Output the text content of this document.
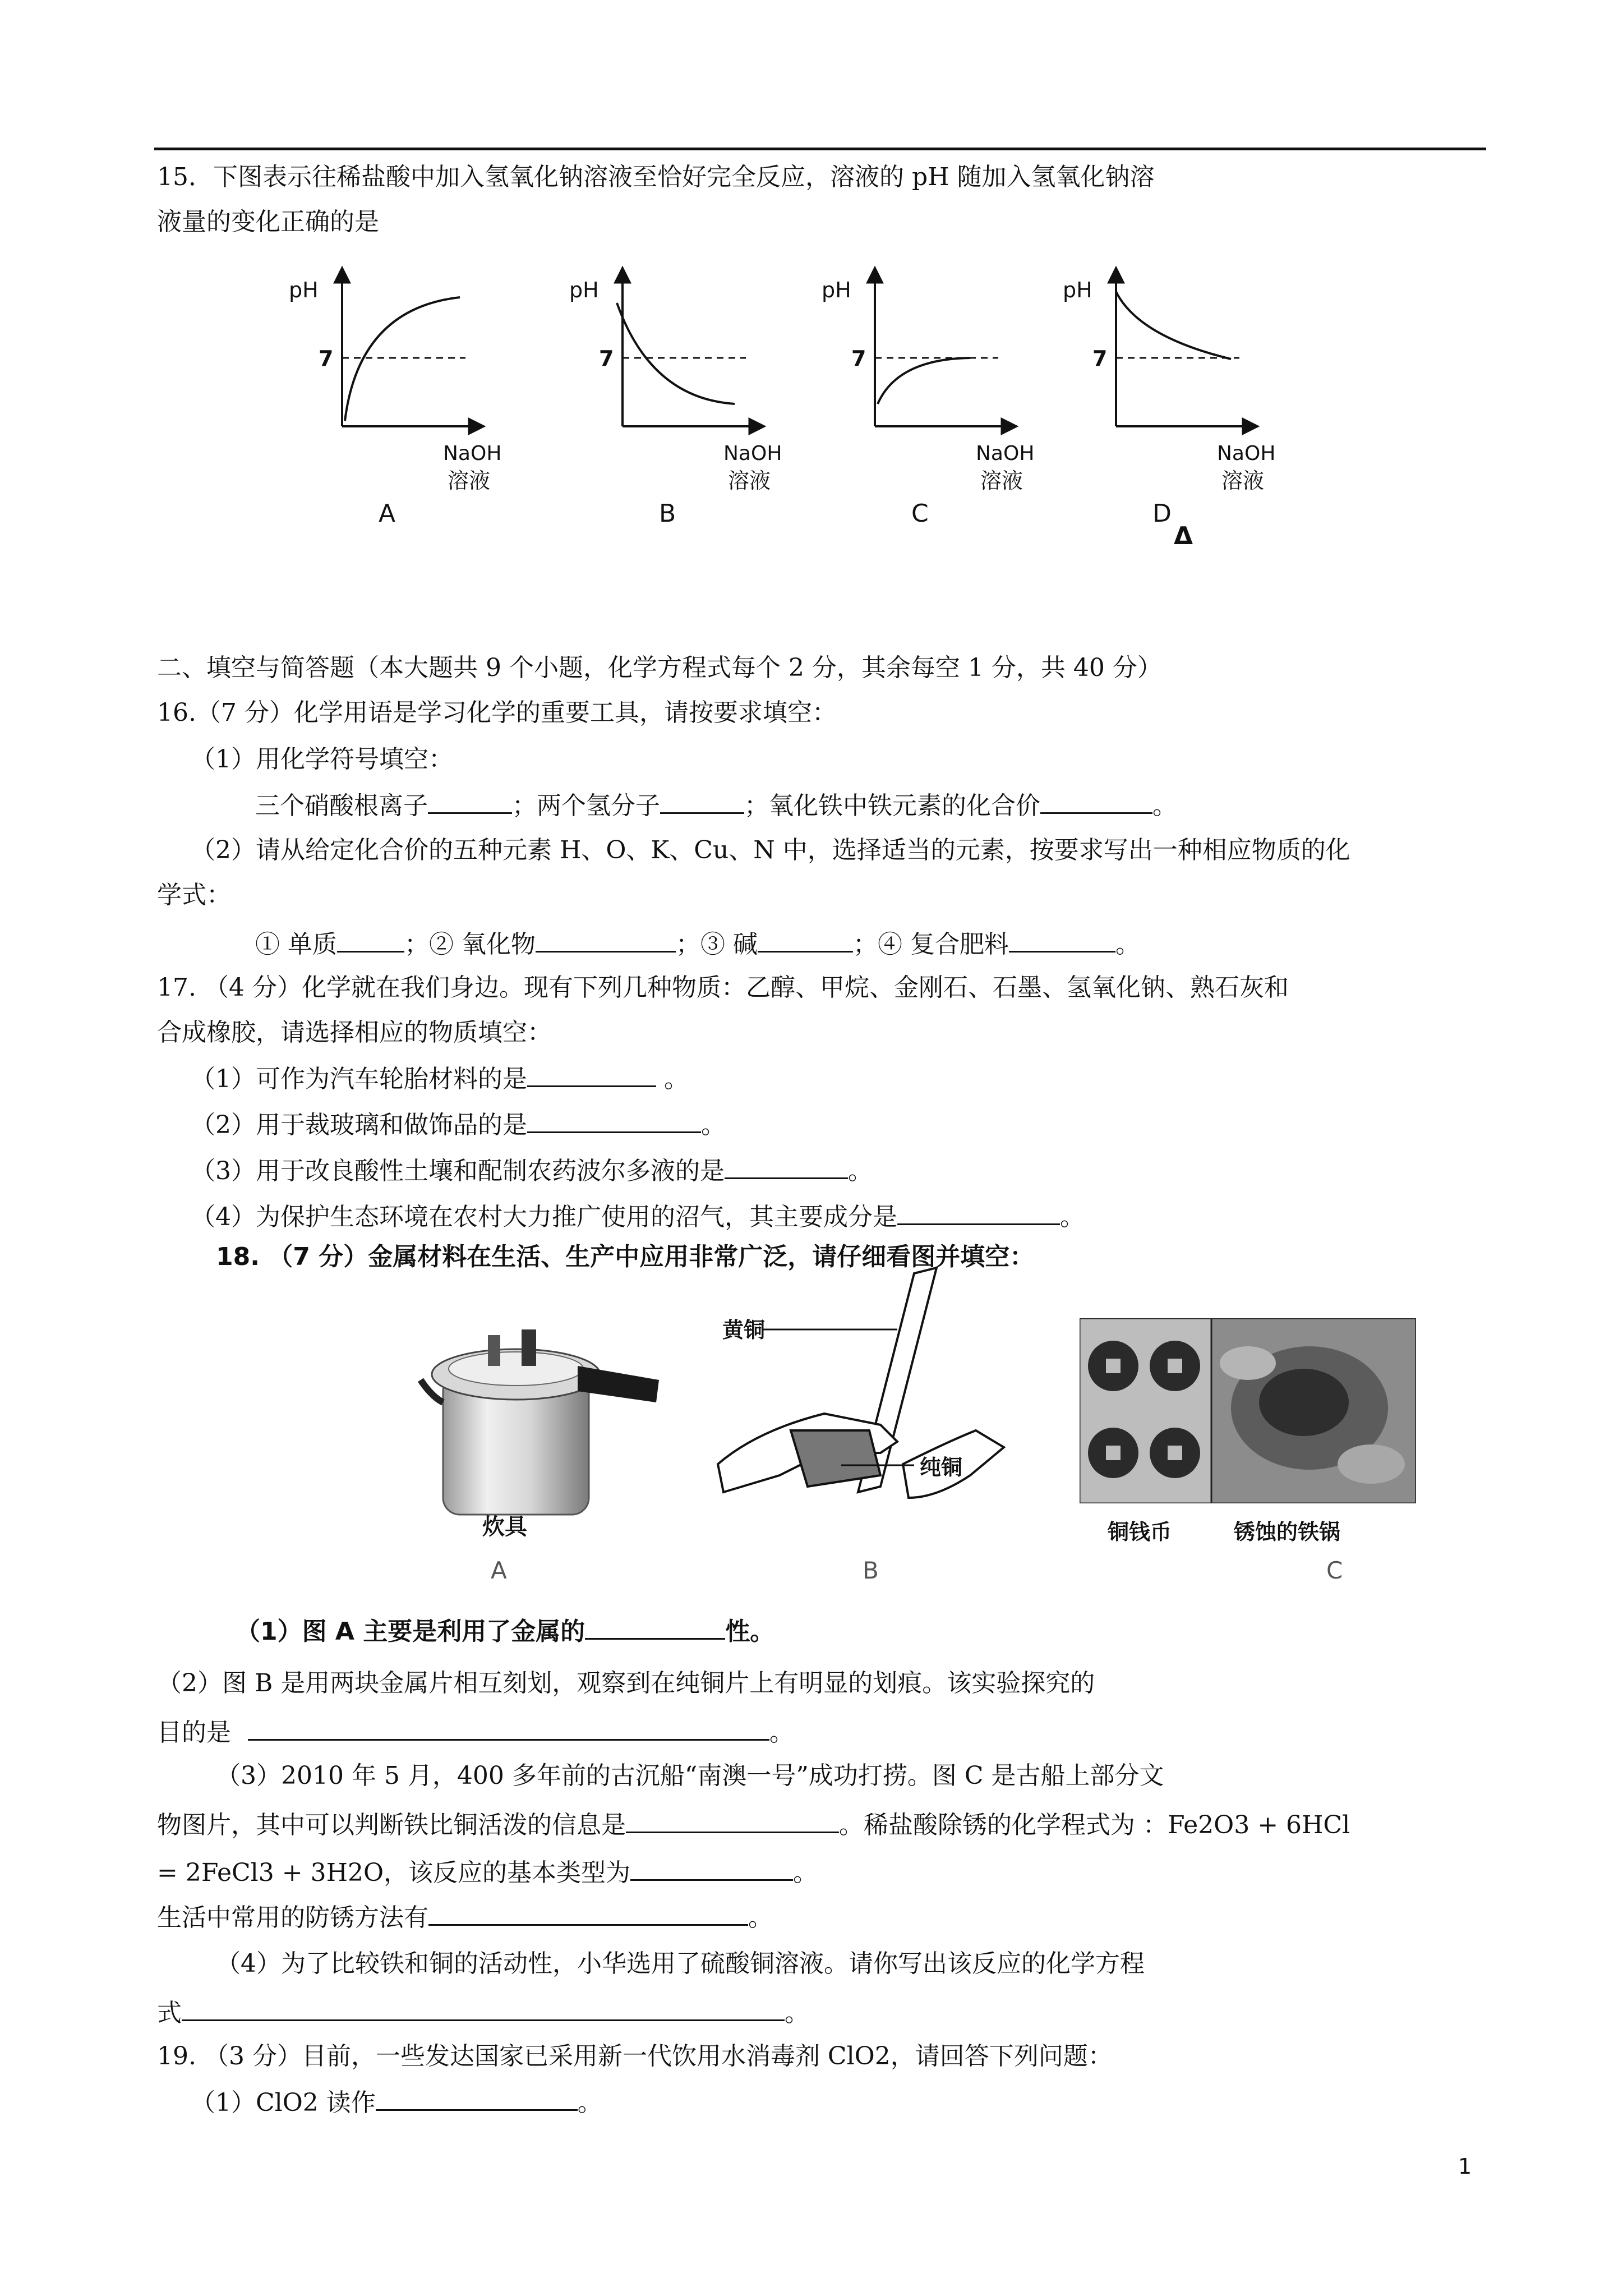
15．下图表示往稀盐酸中加入氢氧化钠溶液至恰好完全反应，溶液的 pH 随加入氢氧化钠溶
液量的变化正确的是
pH
7
NaOH
溶液
A
pH
7
NaOH
溶液
B
pH
7
NaOH
溶液
C
pH
7
NaOH
溶液
D
Δ
二、填空与简答题（本大题共 9 个小题，化学方程式每个 2 分，其余每空 1 分，共 40 分）
16.（7 分）化学用语是学习化学的重要工具，请按要求填空：
（1）用化学符号填空：
三个硝酸根离子	；两个氢分子	；氧化铁中铁元素的化合价	。
（2）请从给定化合价的五种元素 H、O、K、Cu、N 中，选择适当的元素，按要求写出一种相应物质的化
学式：
① 单质	；② 氧化物	；③ 碱	；④ 复合肥料	。
17. （4 分）化学就在我们身边。现有下列几种物质：乙醇、甲烷、金刚石、石墨、氢氧化钠、熟石灰和
合成橡胶，请选择相应的物质填空：
（1）可作为汽车轮胎材料的是	。
（2）用于裁玻璃和做饰品的是	。
（3）用于改良酸性土壤和配制农药波尔多液的是	。
（4）为保护生态环境在农村大力推广使用的沼气，其主要成分是	。
18. （7 分）金属材料在生活、生产中应用非常广泛，请仔细看图并填空：
炊具
A
黄铜
纯铜
B
铜钱币	锈蚀的铁锅
C
（1）图 A 主要是利用了金属的	性。
（2）图 B 是用两块金属片相互刻划，观察到在纯铜片上有明显的划痕。该实验探究的
目的是	。
（3）2010 年 5 月，400 多年前的古沉船“南澳一号”成功打捞。图 C 是古船上部分文
物图片，其中可以判断铁比铜活泼的信息是	。稀盐酸除锈的化学程式为 ：Fe2O3 + 6HCl
= 2FeCl3 + 3H2O，该反应的基本类型为	。
生活中常用的防锈方法有	。
（4）为了比较铁和铜的活动性，小华选用了硫酸铜溶液。请你写出该反应的化学方程
式	。
19. （3 分）目前，一些发达国家已采用新一代饮用水消毒剂 ClO2，请回答下列问题：
（1）ClO2 读作	。
1
